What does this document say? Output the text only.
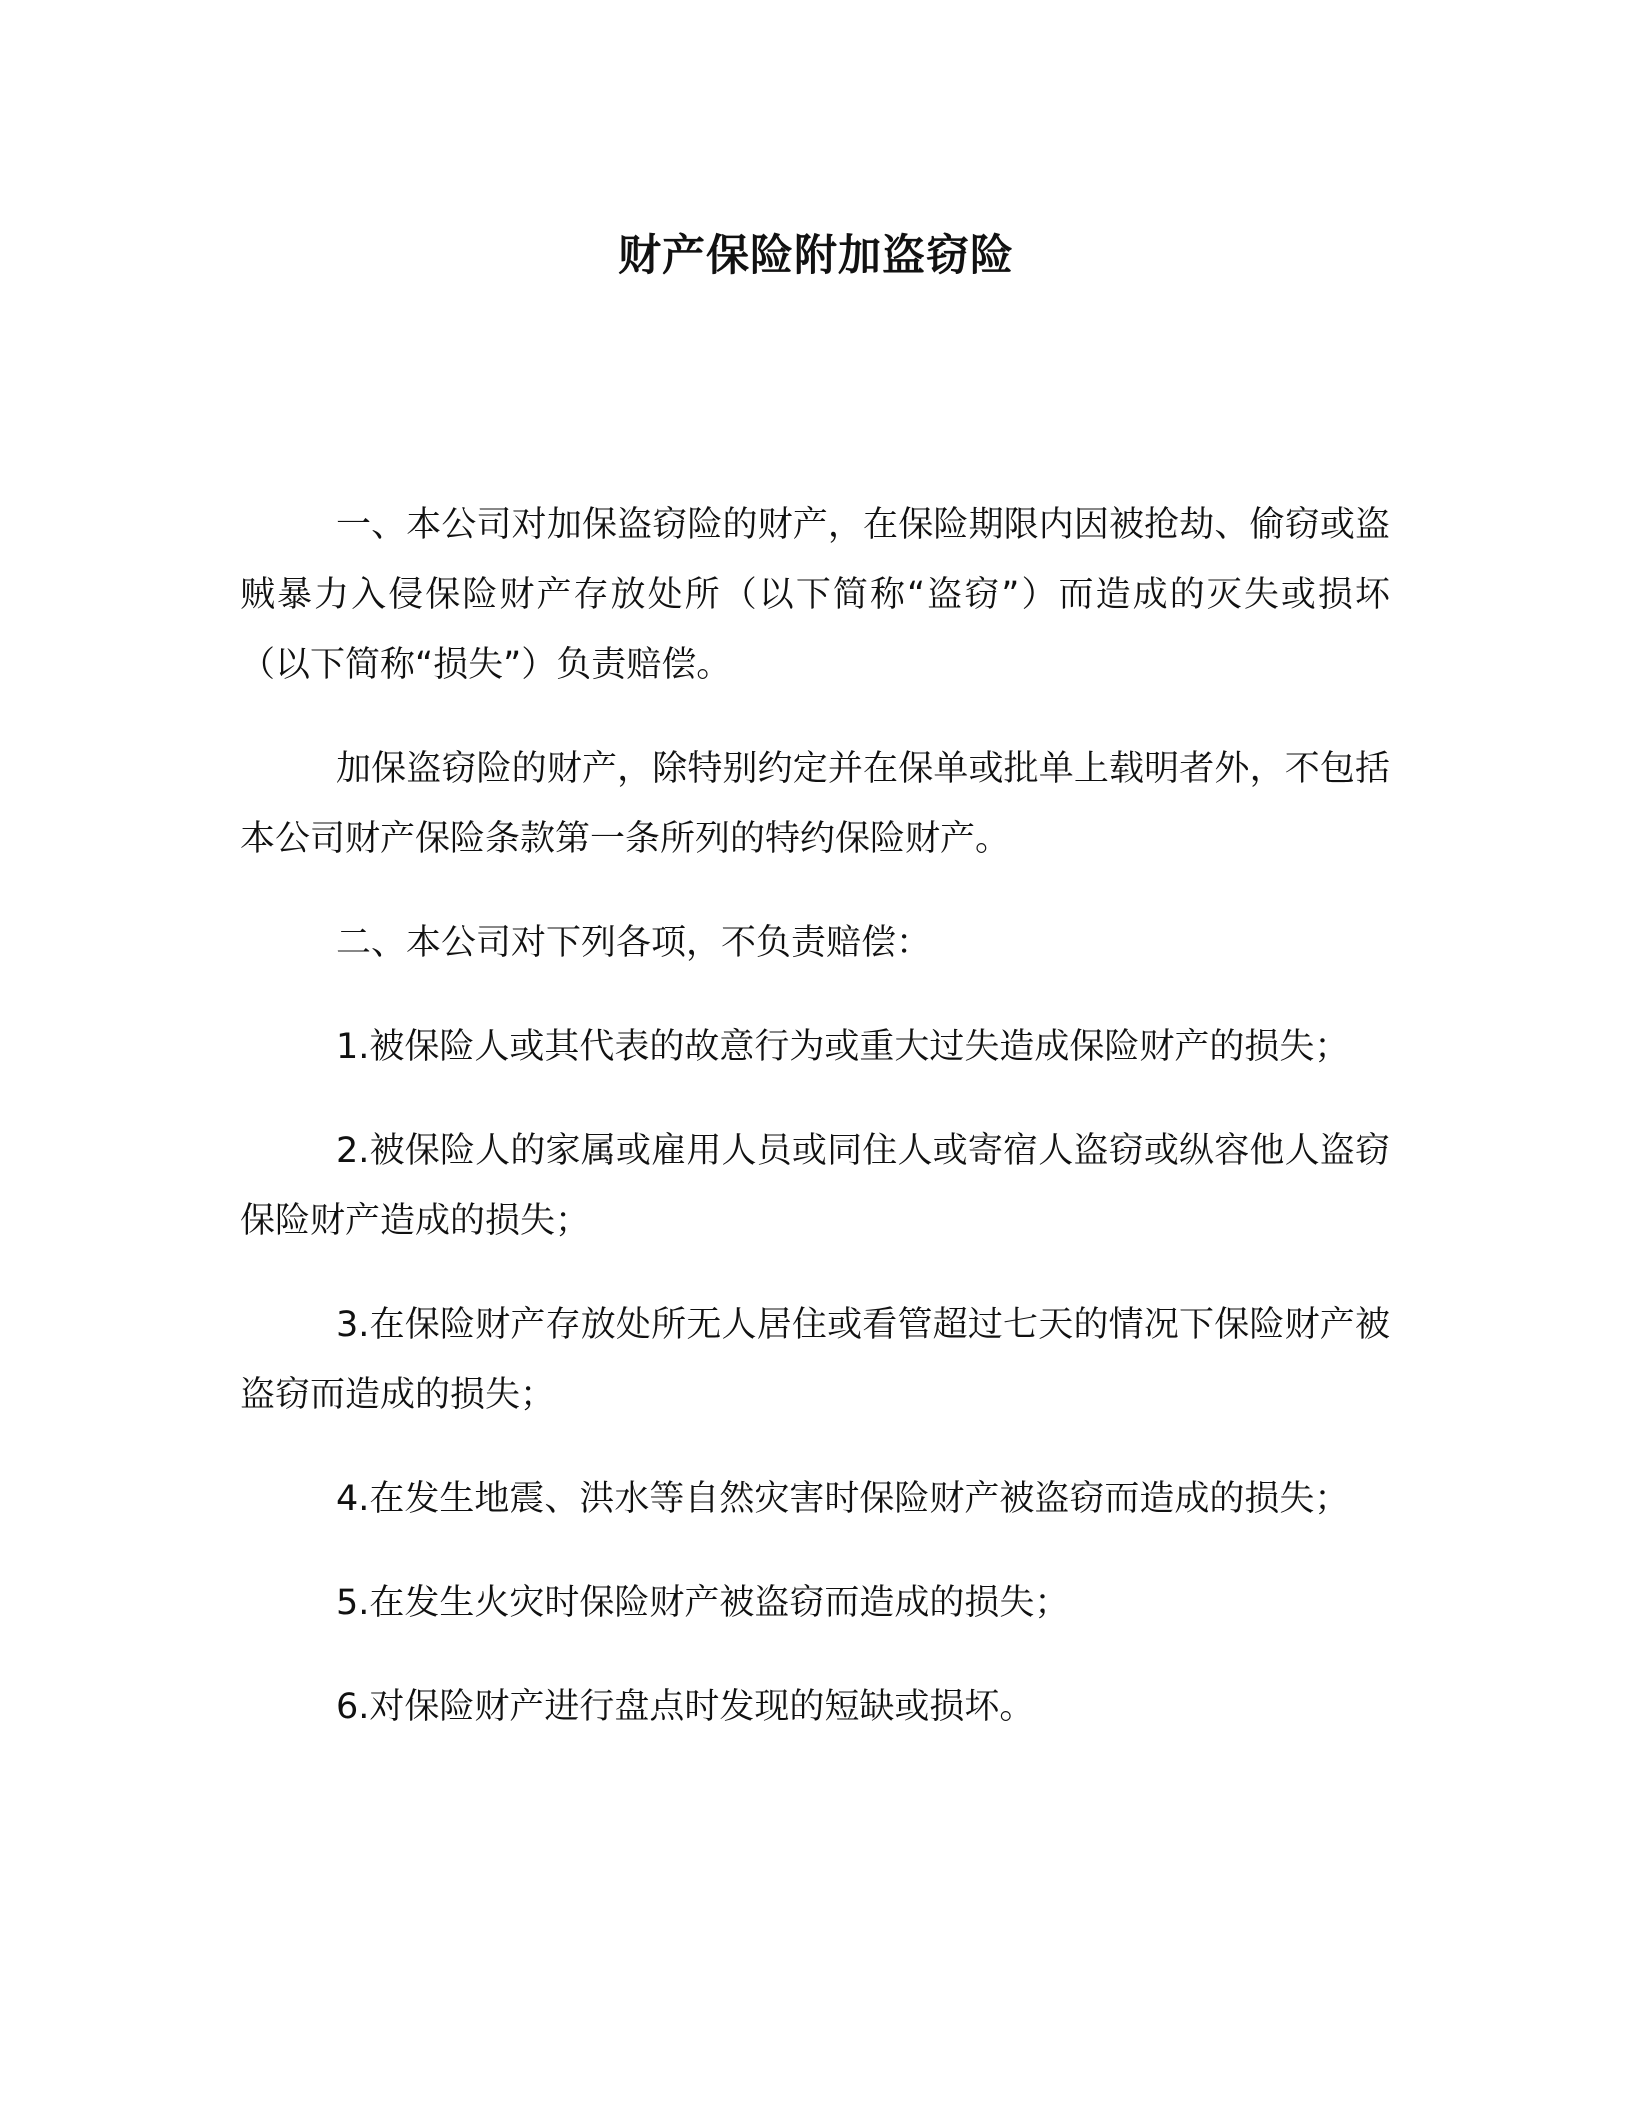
财产保险附加盗窃险

一、本公司对加保盗窃险的财产，在保险期限内因被抢劫、偷窃或盗贼暴力入侵保险财产存放处所（以下简称“盗窃”）而造成的灭失或损坏（以下简称“损失”）负责赔偿。

加保盗窃险的财产，除特别约定并在保单或批单上载明者外，不包括本公司财产保险条款第一条所列的特约保险财产。

二、本公司对下列各项，不负责赔偿：

1.被保险人或其代表的故意行为或重大过失造成保险财产的损失；

2.被保险人的家属或雇用人员或同住人或寄宿人盗窃或纵容他人盗窃保险财产造成的损失；

3.在保险财产存放处所无人居住或看管超过七天的情况下保险财产被盗窃而造成的损失；

4.在发生地震、洪水等自然灾害时保险财产被盗窃而造成的损失；

5.在发生火灾时保险财产被盗窃而造成的损失；

6.对保险财产进行盘点时发现的短缺或损坏。
